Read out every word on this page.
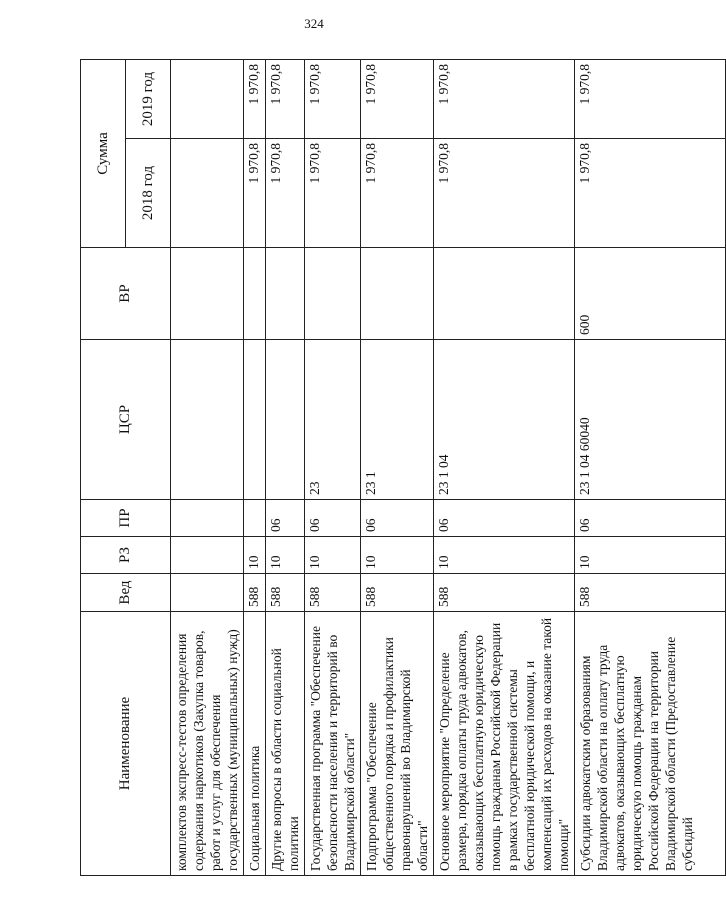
324
Наименование	Вед	РЗ	ПР	ЦСР	ВР	Сумма	
						2018 год	2019 год
комплектов экспресс-тестов определения содержания наркотиков (Закупка товаров, работ и услуг для обеспечения государственных (муниципальных) нужд)							
Социальная политика	588	10				1 970,8	1 970,8
Другие вопросы в области социальной политики	588	10	06			1 970,8	1 970,8
Государственная программа "Обеспечение безопасности населения и территорий во Владимирской области"	588	10	06	23		1 970,8	1 970,8
Подпрограмма "Обеспечение общественного порядка и профилактики правонарушений во Владимирской области"	588	10	06	23 1		1 970,8	1 970,8
Основное мероприятие "Определение размера, порядка оплаты труда адвокатов, оказывающих бесплатную юридическую помощь гражданам Российской Федерации в рамках государственной системы бесплатной юридической помощи, и компенсаций их расходов на оказание такой помощи"	588	10	06	23 1 04		1 970,8	1 970,8
Субсидии адвокатским образованиям Владимирской области на оплату труда адвокатов, оказывающих бесплатную юридическую помощь гражданам Российской Федерации на территории Владимирской области (Предоставление субсидий	588	10	06	23 1 04 60040	600	1 970,8	1 970,8
